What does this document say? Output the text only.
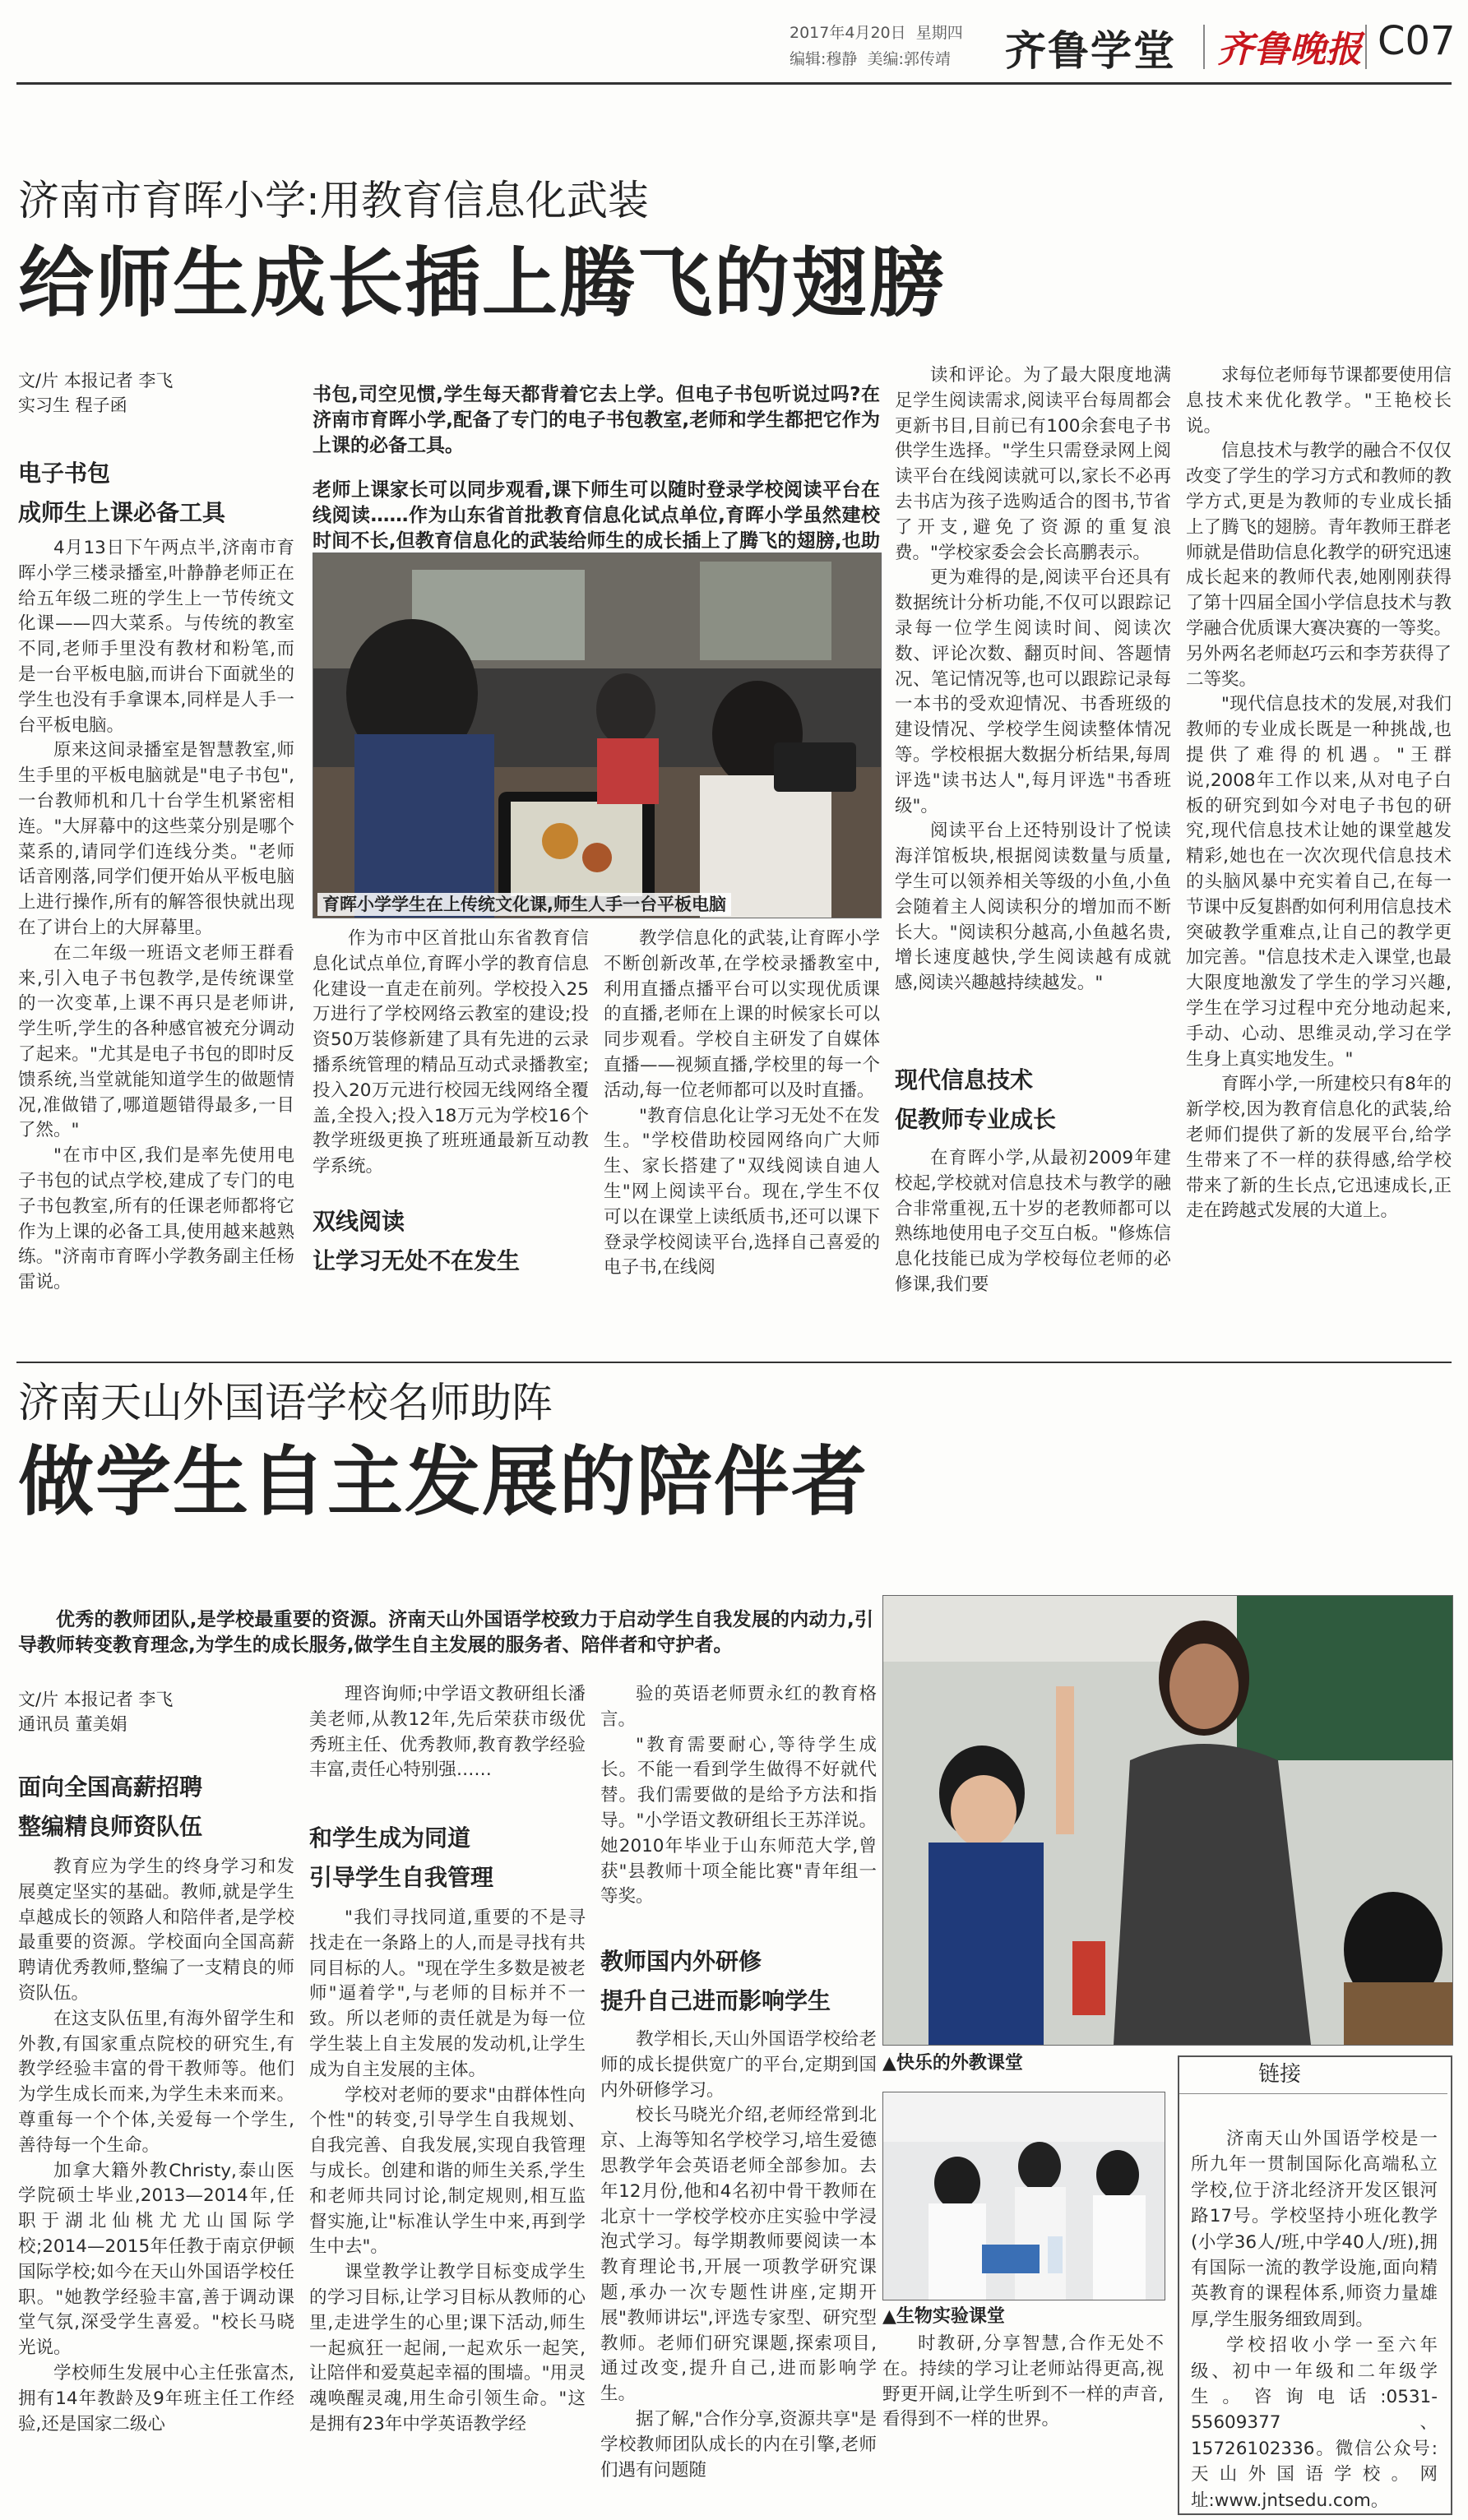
2017年4月20日 星期四
编辑:穆静 美编:郭传靖 齐鲁学堂 齐鲁晚报 C07
济南市育晖小学:用教育信息化武装
给师生成长插上腾飞的翅膀
文/片 本报记者 李飞
实习生 程子函
电子书包
成师生上课必备工具

4月13日下午两点半,济南市育晖小学三楼录播室,叶静静老师正在给五年级二班的学生上一节传统文化课——四大菜系。与传统的教室不同,老师手里没有教材和粉笔,而是一台平板电脑,而讲台下面就坐的学生也没有手拿课本,同样是人手一台平板电脑。

原来这间录播室是智慧教室,师生手里的平板电脑就是"电子书包",一台教师机和几十台学生机紧密相连。"大屏幕中的这些菜分别是哪个菜系的,请同学们连线分类。"老师话音刚落,同学们便开始从平板电脑上进行操作,所有的解答很快就出现在了讲台上的大屏幕里。

在二年级一班语文老师王群看来,引入电子书包教学,是传统课堂的一次变革,上课不再只是老师讲,学生听,学生的各种感官被充分调动了起来。"尤其是电子书包的即时反馈系统,当堂就能知道学生的做题情况,准做错了,哪道题错得最多,一目了然。"

"在市中区,我们是率先使用电子书包的试点学校,建成了专门的电子书包教室,所有的任课老师都将它作为上课的必备工具,使用越来越熟练。"济南市育晖小学教务副主任杨雷说。

书包,司空见惯,学生每天都背着它去上学。但电子书包听说过吗?在济南市育晖小学,配备了专门的电子书包教室,老师和学生都把它作为上课的必备工具。

老师上课家长可以同步观看,课下师生可以随时登录学校阅读平台在线阅读……作为山东省首批教育信息化试点单位,育晖小学虽然建校时间不长,但教育信息化的武装给师生的成长插上了腾飞的翅膀,也助

育晖小学学生在上传统文化课,师生人手一台平板电脑

作为市中区首批山东省教育信息化试点单位,育晖小学的教育信息化建设一直走在前列。学校投入25万进行了学校网络云教室的建设;投资50万装修新建了具有先进的云录播系统管理的精品互动式录播教室;投入20万元进行校园无线网络全覆盖,全投入;投入18万元为学校16个教学班级更换了班班通最新互动教学系统。

双线阅读
让学习无处不在发生

教学信息化的武装,让育晖小学不断创新改革,在学校录播教室中,利用直播点播平台可以实现优质课的直播,老师在上课的时候家长可以同步观看。学校自主研发了自媒体直播——视频直播,学校里的每一个活动,每一位老师都可以及时直播。

"教育信息化让学习无处不在发生。"学校借助校园网络向广大师生、家长搭建了"双线阅读自迪人生"网上阅读平台。现在,学生不仅可以在课堂上读纸质书,还可以课下登录学校阅读平台,选择自己喜爱的电子书,在线阅

读和评论。为了最大限度地满足学生阅读需求,阅读平台每周都会更新书目,目前已有100余套电子书供学生选择。"学生只需登录网上阅读平台在线阅读就可以,家长不必再去书店为孩子选购适合的图书,节省了开支,避免了资源的重复浪费。"学校家委会会长高鹏表示。

更为难得的是,阅读平台还具有数据统计分析功能,不仅可以跟踪记录每一位学生阅读时间、阅读次数、评论次数、翻页时间、答题情况、笔记情况等,也可以跟踪记录每一本书的受欢迎情况、书香班级的建设情况、学校学生阅读整体情况等。学校根据大数据分析结果,每周评选"读书达人",每月评选"书香班级"。

阅读平台上还特别设计了悦读海洋馆板块,根据阅读数量与质量,学生可以领养相关等级的小鱼,小鱼会随着主人阅读积分的增加而不断长大。"阅读积分越高,小鱼越名贵,增长速度越快,学生阅读越有成就感,阅读兴趣越持续越发。"

现代信息技术
促教师专业成长

在育晖小学,从最初2009年建校起,学校就对信息技术与教学的融合非常重视,五十岁的老教师都可以熟练地使用电子交互白板。"修炼信息化技能已成为学校每位老师的必修课,我们要

求每位老师每节课都要使用信息技术来优化教学。"王艳校长说。

信息技术与教学的融合不仅仅改变了学生的学习方式和教师的教学方式,更是为教师的专业成长插上了腾飞的翅膀。青年教师王群老师就是借助信息化教学的研究迅速成长起来的教师代表,她刚刚获得了第十四届全国小学信息技术与教学融合优质课大赛决赛的一等奖。另外两名老师赵巧云和李芳获得了二等奖。

"现代信息技术的发展,对我们教师的专业成长既是一种挑战,也提供了难得的机遇。"王群说,2008年工作以来,从对电子白板的研究到如今对电子书包的研究,现代信息技术让她的课堂越发精彩,她也在一次次现代信息技术的头脑风暴中充实着自己,在每一节课中反复斟酌如何利用信息技术突破教学重难点,让自己的教学更加完善。"信息技术走入课堂,也最大限度地激发了学生的学习兴趣,学生在学习过程中充分地动起来,手动、心动、思维灵动,学习在学生身上真实地发生。"

育晖小学,一所建校只有8年的新学校,因为教育信息化的武装,给老师们提供了新的发展平台,给学生带来了不一样的获得感,给学校带来了新的生长点,它迅速成长,正走在跨越式发展的大道上。

济南天山外国语学校名师助阵
做学生自主发展的陪伴者

优秀的教师团队,是学校最重要的资源。济南天山外国语学校致力于启动学生自我发展的内动力,引导教师转变教育理念,为学生的成长服务,做学生自主发展的服务者、陪伴者和守护者。

文/片 本报记者 李飞
通讯员 董美娟
面向全国高薪招聘
整编精良师资队伍

教育应为学生的终身学习和发展奠定坚实的基础。教师,就是学生卓越成长的领路人和陪伴者,是学校最重要的资源。学校面向全国高薪聘请优秀教师,整编了一支精良的师资队伍。

在这支队伍里,有海外留学生和外教,有国家重点院校的研究生,有教学经验丰富的骨干教师等。他们为学生成长而来,为学生未来而来。尊重每一个个体,关爱每一个学生,善待每一个生命。

加拿大籍外教Christy,泰山医学院硕士毕业,2013—2014年,任职于湖北仙桃尤尤山国际学校;2014—2015年任教于南京伊顿国际学校;如今在天山外国语学校任职。"她教学经验丰富,善于调动课堂气氛,深受学生喜爱。"校长马晓光说。

学校师生发展中心主任张富杰,拥有14年教龄及9年班主任工作经验,还是国家二级心

理咨询师;中学语文教研组长潘美老师,从教12年,先后荣获市级优秀班主任、优秀教师,教育教学经验丰富,责任心特别强……

和学生成为同道
引导学生自我管理

"我们寻找同道,重要的不是寻找走在一条路上的人,而是寻找有共同目标的人。"现在学生多数是被老师"逼着学",与老师的目标并不一致。所以老师的责任就是为每一位学生装上自主发展的发动机,让学生成为自主发展的主体。

学校对老师的要求"由群体性向个性"的转变,引导学生自我规划、自我完善、自我发展,实现自我管理与成长。创建和谐的师生关系,学生和老师共同讨论,制定规则,相互监督实施,让"标准认学生中来,再到学生中去"。

课堂教学让教学目标变成学生的学习目标,让学习目标从教师的心里,走进学生的心里;课下活动,师生一起疯狂一起闹,一起欢乐一起笑,让陪伴和爱莫起幸福的围墙。"用灵魂唤醒灵魂,用生命引领生命。"这是拥有23年中学英语教学经

验的英语老师贾永红的教育格言。

"教育需要耐心,等待学生成长。不能一看到学生做得不好就代替。我们需要做的是给予方法和指导。"小学语文教研组长王苏洋说。她2010年毕业于山东师范大学,曾获"县教师十项全能比赛"青年组一等奖。

教师国内外研修
提升自己进而影响学生

教学相长,天山外国语学校给老师的成长提供宽广的平台,定期到国内外研修学习。

校长马晓光介绍,老师经常到北京、上海等知名学校学习,培生爱德思教学年会英语老师全部参加。去年12月份,他和4名初中骨干教师在北京十一学校学校亦庄实验中学浸泡式学习。每学期教师要阅读一本教育理论书,开展一项教学研究课题,承办一次专题性讲座,定期开展"教师讲坛",评选专家型、研究型教师。老师们研究课题,探索项目,通过改变,提升自己,进而影响学生。

据了解,"合作分享,资源共享"是学校教师团队成长的内在引擎,老师们遇有问题随

▲快乐的外教课堂
▲生物实验课堂

时教研,分享智慧,合作无处不在。持续的学习让老师站得更高,视野更开阔,让学生听到不一样的声音,看得到不一样的世界。

链接

济南天山外国语学校是一所九年一贯制国际化高端私立学校,位于济北经济开发区银河路17号。学校坚持小班化教学(小学36人/班,中学40人/班),拥有国际一流的教学设施,面向精英教育的课程体系,师资力量雄厚,学生服务细致周到。

学校招收小学一至六年级、初中一年级和二年级学生。咨询电话:0531-55609377、15726102336。微信公众号:天山外国语学校。网址:www.jntsedu.com。
